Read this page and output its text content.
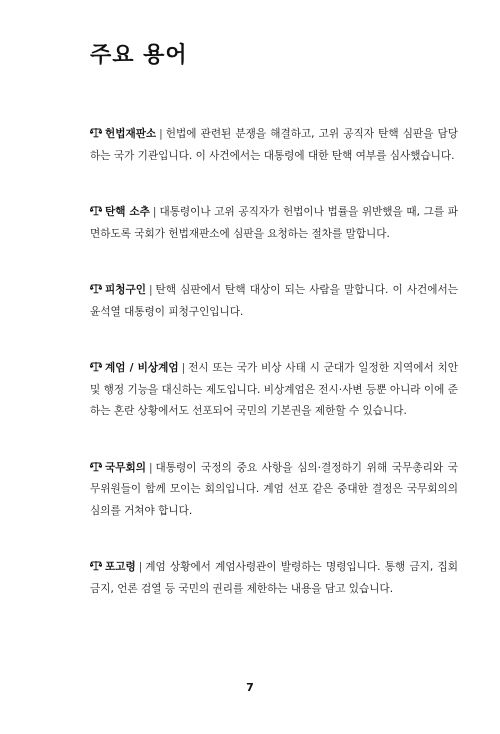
주요 용어

헌법재판소 | 헌법에 관련된 분쟁을 해결하고, 고위 공직자 탄핵 심판을 담당하는 국가 기관입니다. 이 사건에서는 대통령에 대한 탄핵 여부를 심사했습니다.

탄핵 소추 | 대통령이나 고위 공직자가 헌법이나 법률을 위반했을 때, 그를 파면하도록 국회가 헌법재판소에 심판을 요청하는 절차를 말합니다.

피청구인 | 탄핵 심판에서 탄핵 대상이 되는 사람을 말합니다. 이 사건에서는 윤석열 대통령이 피청구인입니다.

계엄 / 비상계엄 | 전시 또는 국가 비상 사태 시 군대가 일정한 지역에서 치안 및 행정 기능을 대신하는 제도입니다. 비상계엄은 전시·사변 등뿐 아니라 이에 준하는 혼란 상황에서도 선포되어 국민의 기본권을 제한할 수 있습니다.

국무회의 | 대통령이 국정의 중요 사항을 심의·결정하기 위해 국무총리와 국무위원들이 함께 모이는 회의입니다. 계엄 선포 같은 중대한 결정은 국무회의의 심의를 거쳐야 합니다.

포고령 | 계엄 상황에서 계엄사령관이 발령하는 명령입니다. 통행 금지, 집회 금지, 언론 검열 등 국민의 권리를 제한하는 내용을 담고 있습니다.

7
